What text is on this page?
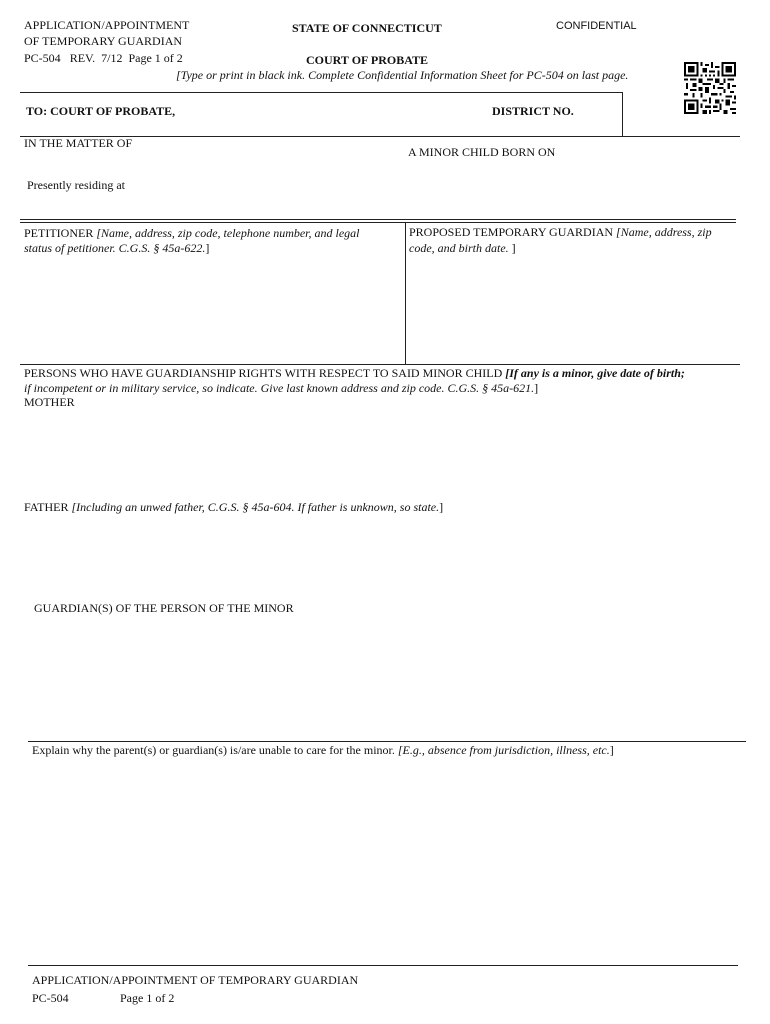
APPLICATION/APPOINTMENT
OF TEMPORARY GUARDIAN
PC-504 REV. 7/12 Page 1 of 2
STATE OF CONNECTICUT	CONFIDENTIAL
COURT OF PROBATE
[Type or print in black ink. Complete Confidential Information Sheet for PC-504 on last page.
TO: COURT OF PROBATE,	DISTRICT NO.
IN THE MATTER OF
A MINOR CHILD BORN ON
Presently residing at
PETITIONER [Name, address, zip code, telephone number, and legal
status of petitioner. C.G.S. § 45a-622.]
PROPOSED TEMPORARY GUARDIAN [Name, address, zip
code, and birth date. ]
PERSONS WHO HAVE GUARDIANSHIP RIGHTS WITH RESPECT TO SAID MINOR CHILD [If any is a minor, give date of birth;
if incompetent or in military service, so indicate. Give last known address and zip code. C.G.S. § 45a-621.]
MOTHER
FATHER [Including an unwed father, C.G.S. § 45a-604. If father is unknown, so state.]
GUARDIAN(S) OF THE PERSON OF THE MINOR
Explain why the parent(s) or guardian(s) is/are unable to care for the minor. [E.g., absence from jurisdiction, illness, etc.]
APPLICATION/APPOINTMENT OF TEMPORARY GUARDIAN
PC-504	Page 1 of 2
